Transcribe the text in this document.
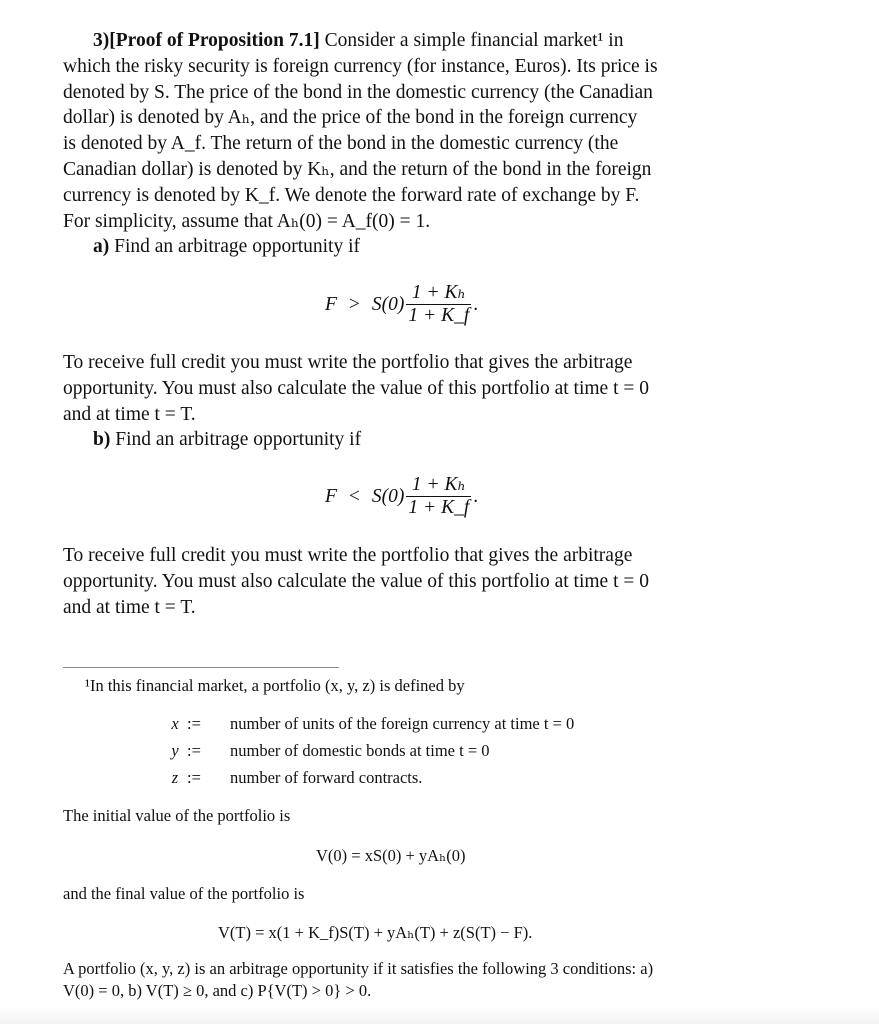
3)[Proof of Proposition 7.1] Consider a simple financial market¹ in
which the risky security is foreign currency (for instance, Euros). Its price is
denoted by S. The price of the bond in the domestic currency (the Canadian
dollar) is denoted by Aₕ, and the price of the bond in the foreign currency
is denoted by A_f. The return of the bond in the domestic currency (the
Canadian dollar) is denoted by Kₕ, and the return of the bond in the foreign
currency is denoted by K_f. We denote the forward rate of exchange by F.
For simplicity, assume that Aₕ(0) = A_f(0) = 1.
a) Find an arbitrage opportunity if
$F > S(0) \frac{\text{1 + Kₕ}}{1 + K\_f}$ .
To receive full credit you must write the portfolio that gives the arbitrage
opportunity. You must also calculate the value of this portfolio at time t = 0
and at time t = T.
b) Find an arbitrage opportunity if
$F < S(0) \frac{\text{1 + Kₕ}}{1 + K\_f}$ .
To receive full credit you must write the portfolio that gives the arbitrage
opportunity. You must also calculate the value of this portfolio at time t = 0
and at time t = T.
¹In this financial market, a portfolio (x, y, z) is defined by
x := number of units of the foreign currency at time t = 0
y := number of domestic bonds at time t = 0
z := number of forward contracts.
The initial value of the portfolio is
V(0) = xS(0) + yAₕ(0)
and the final value of the portfolio is
V(T) = x(1 + K_f)S(T) + yAₕ(T) + z(S(T) − F).
A portfolio (x, y, z) is an arbitrage opportunity if it satisfies the following 3 conditions: a)
V(0) = 0, b) V(T) ≥ 0, and c) P{V(T) > 0} > 0.
